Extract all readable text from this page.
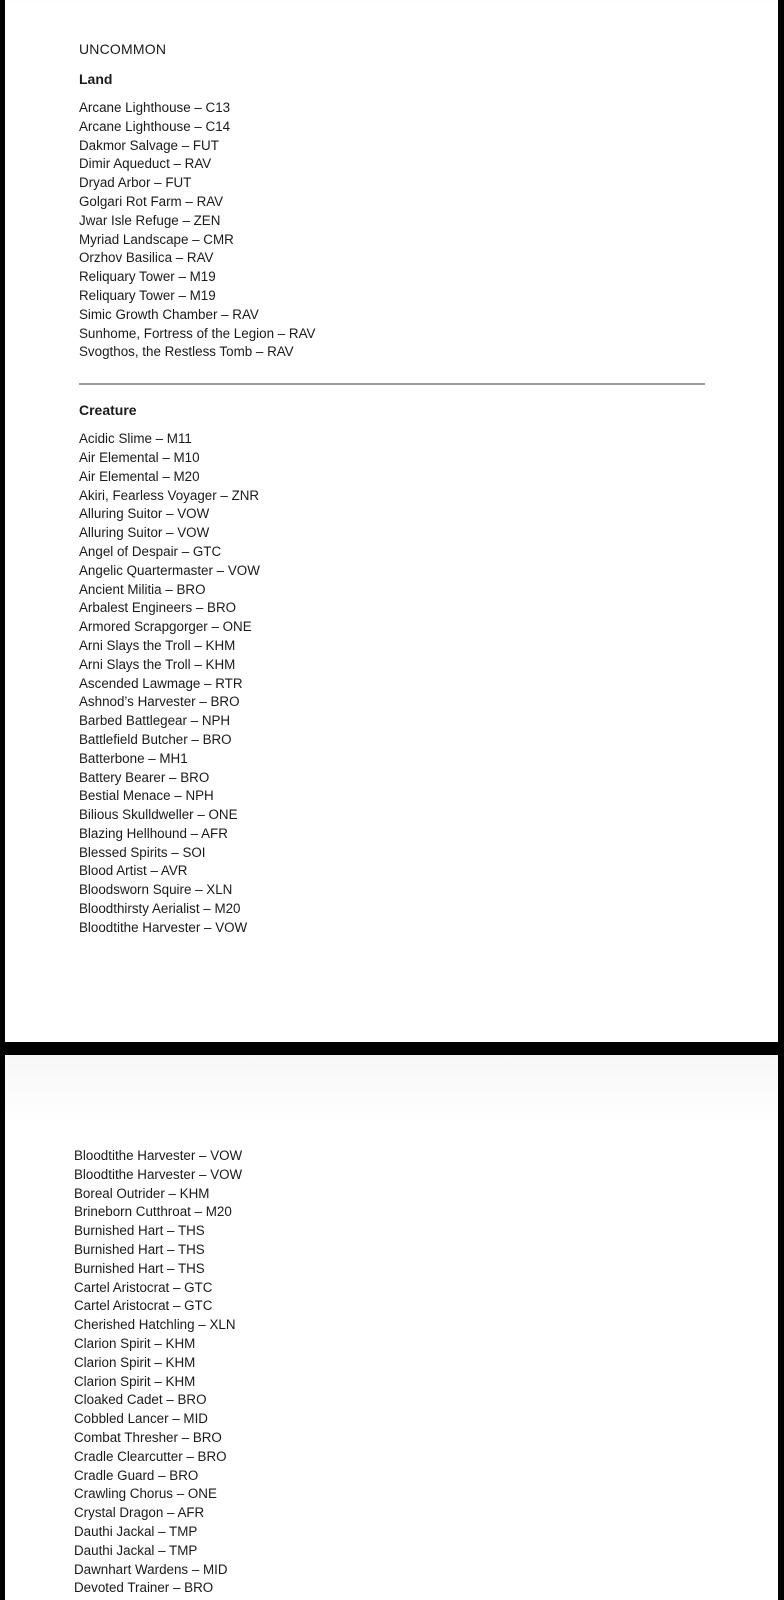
UNCOMMON
Land
Arcane Lighthouse – C13
Arcane Lighthouse – C14
Dakmor Salvage – FUT
Dimir Aqueduct – RAV
Dryad Arbor – FUT
Golgari Rot Farm – RAV
Jwar Isle Refuge – ZEN
Myriad Landscape – CMR
Orzhov Basilica – RAV
Reliquary Tower – M19
Reliquary Tower – M19
Simic Growth Chamber – RAV
Sunhome, Fortress of the Legion – RAV
Svogthos, the Restless Tomb – RAV
Creature
Acidic Slime – M11
Air Elemental – M10
Air Elemental – M20
Akiri, Fearless Voyager – ZNR
Alluring Suitor – VOW
Alluring Suitor – VOW
Angel of Despair – GTC
Angelic Quartermaster – VOW
Ancient Militia – BRO
Arbalest Engineers – BRO
Armored Scrapgorger – ONE
Arni Slays the Troll – KHM
Arni Slays the Troll – KHM
Ascended Lawmage – RTR
Ashnod’s Harvester – BRO
Barbed Battlegear – NPH
Battlefield Butcher – BRO
Batterbone – MH1
Battery Bearer – BRO
Bestial Menace – NPH
Bilious Skulldweller – ONE
Blazing Hellhound – AFR
Blessed Spirits – SOI
Blood Artist – AVR
Bloodsworn Squire – XLN
Bloodthirsty Aerialist – M20
Bloodtithe Harvester – VOW
Bloodtithe Harvester – VOW
Bloodtithe Harvester – VOW
Boreal Outrider – KHM
Brineborn Cutthroat – M20
Burnished Hart – THS
Burnished Hart – THS
Burnished Hart – THS
Cartel Aristocrat – GTC
Cartel Aristocrat – GTC
Cherished Hatchling – XLN
Clarion Spirit – KHM
Clarion Spirit – KHM
Clarion Spirit – KHM
Cloaked Cadet – BRO
Cobbled Lancer – MID
Combat Thresher – BRO
Cradle Clearcutter – BRO
Cradle Guard – BRO
Crawling Chorus – ONE
Crystal Dragon – AFR
Dauthi Jackal – TMP
Dauthi Jackal – TMP
Dawnhart Wardens – MID
Devoted Trainer – BRO
